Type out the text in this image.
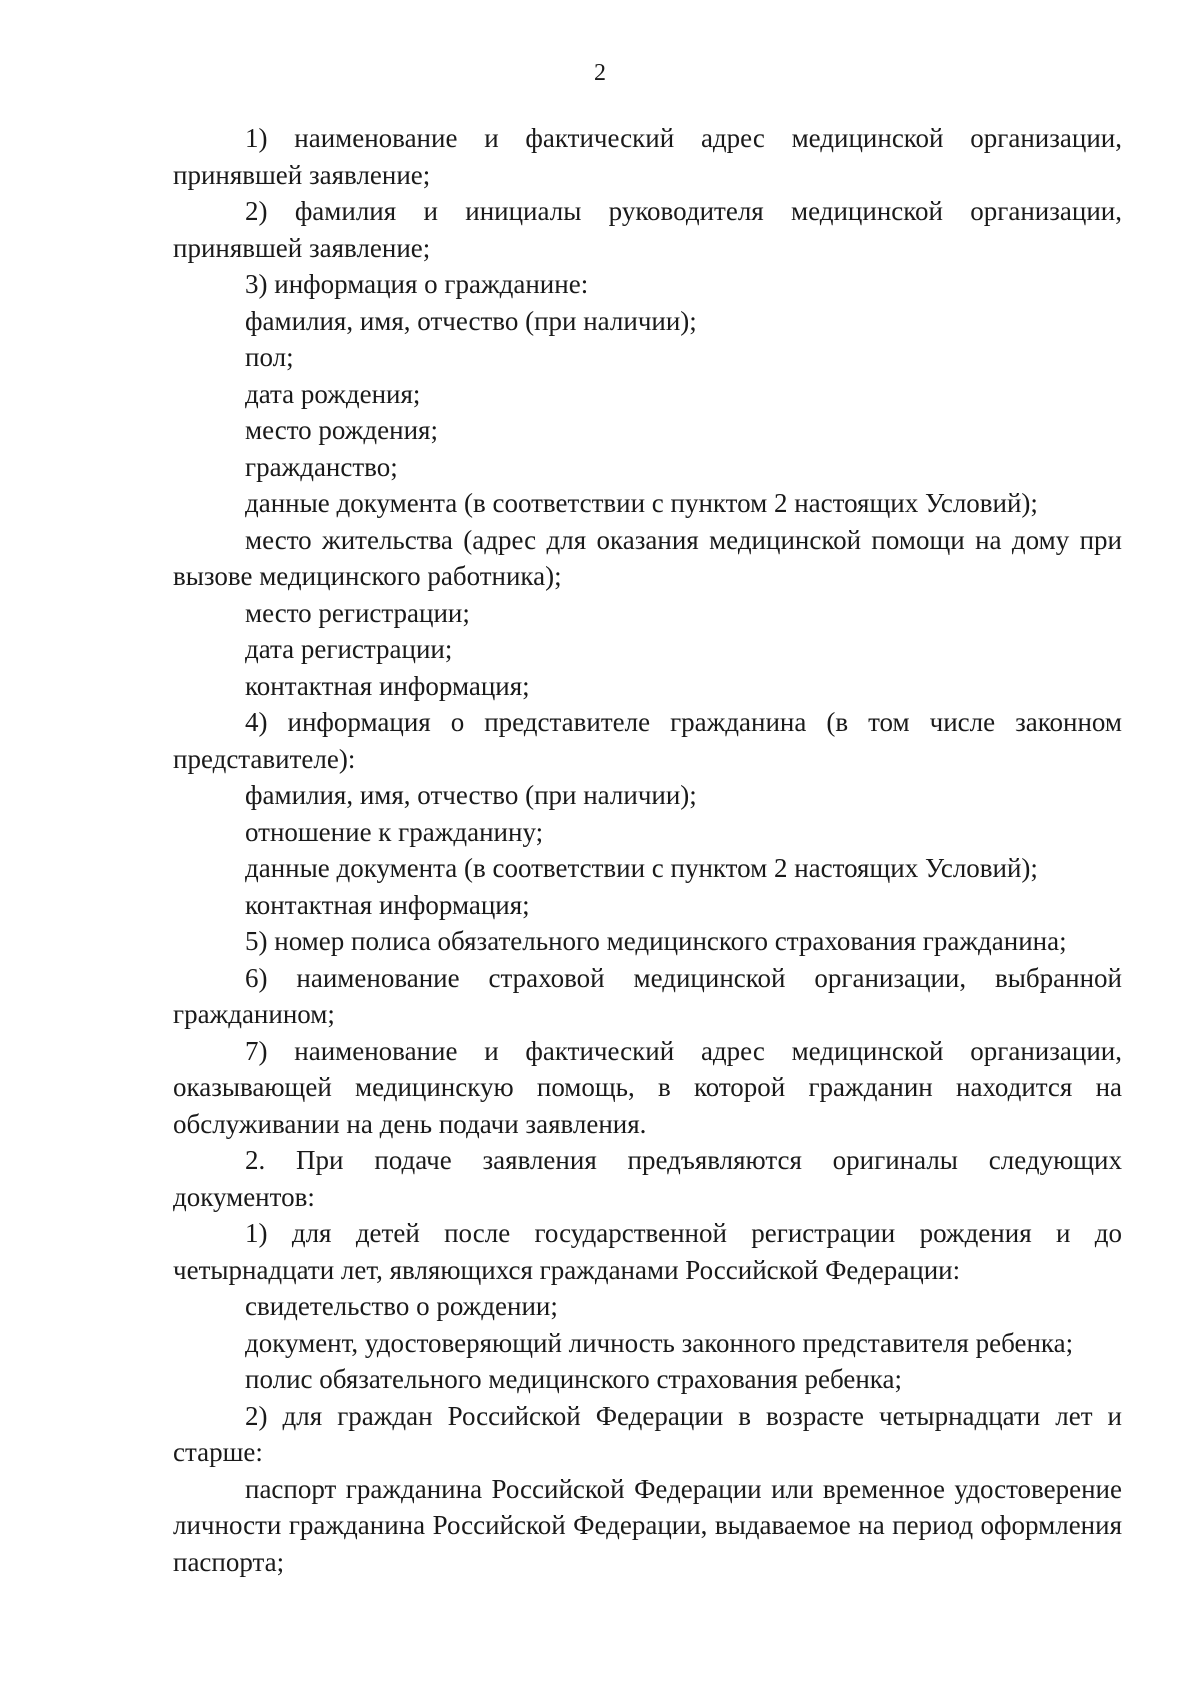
2

1) наименование и фактический адрес медицинской организации, принявшей заявление;

2) фамилия и инициалы руководителя медицинской организации, принявшей заявление;

3) информация о гражданине:

фамилия, имя, отчество (при наличии);

пол;

дата рождения;

место рождения;

гражданство;

данные документа (в соответствии с пунктом 2 настоящих Условий);

место жительства (адрес для оказания медицинской помощи на дому при вызове медицинского работника);

место регистрации;

дата регистрации;

контактная информация;

4) информация о представителе гражданина (в том числе законном представителе):

фамилия, имя, отчество (при наличии);

отношение к гражданину;

данные документа (в соответствии с пунктом 2 настоящих Условий);

контактная информация;

5) номер полиса обязательного медицинского страхования гражданина;

6) наименование страховой медицинской организации, выбранной гражданином;

7) наименование и фактический адрес медицинской организации, оказывающей медицинскую помощь, в которой гражданин находится на обслуживании на день подачи заявления.

2. При подаче заявления предъявляются оригиналы следующих документов:

1) для детей после государственной регистрации рождения и до четырнадцати лет, являющихся гражданами Российской Федерации:

свидетельство о рождении;

документ, удостоверяющий личность законного представителя ребенка;

полис обязательного медицинского страхования ребенка;

2) для граждан Российской Федерации в возрасте четырнадцати лет и старше:

паспорт гражданина Российской Федерации или временное удостоверение личности гражданина Российской Федерации, выдаваемое на период оформления паспорта;
